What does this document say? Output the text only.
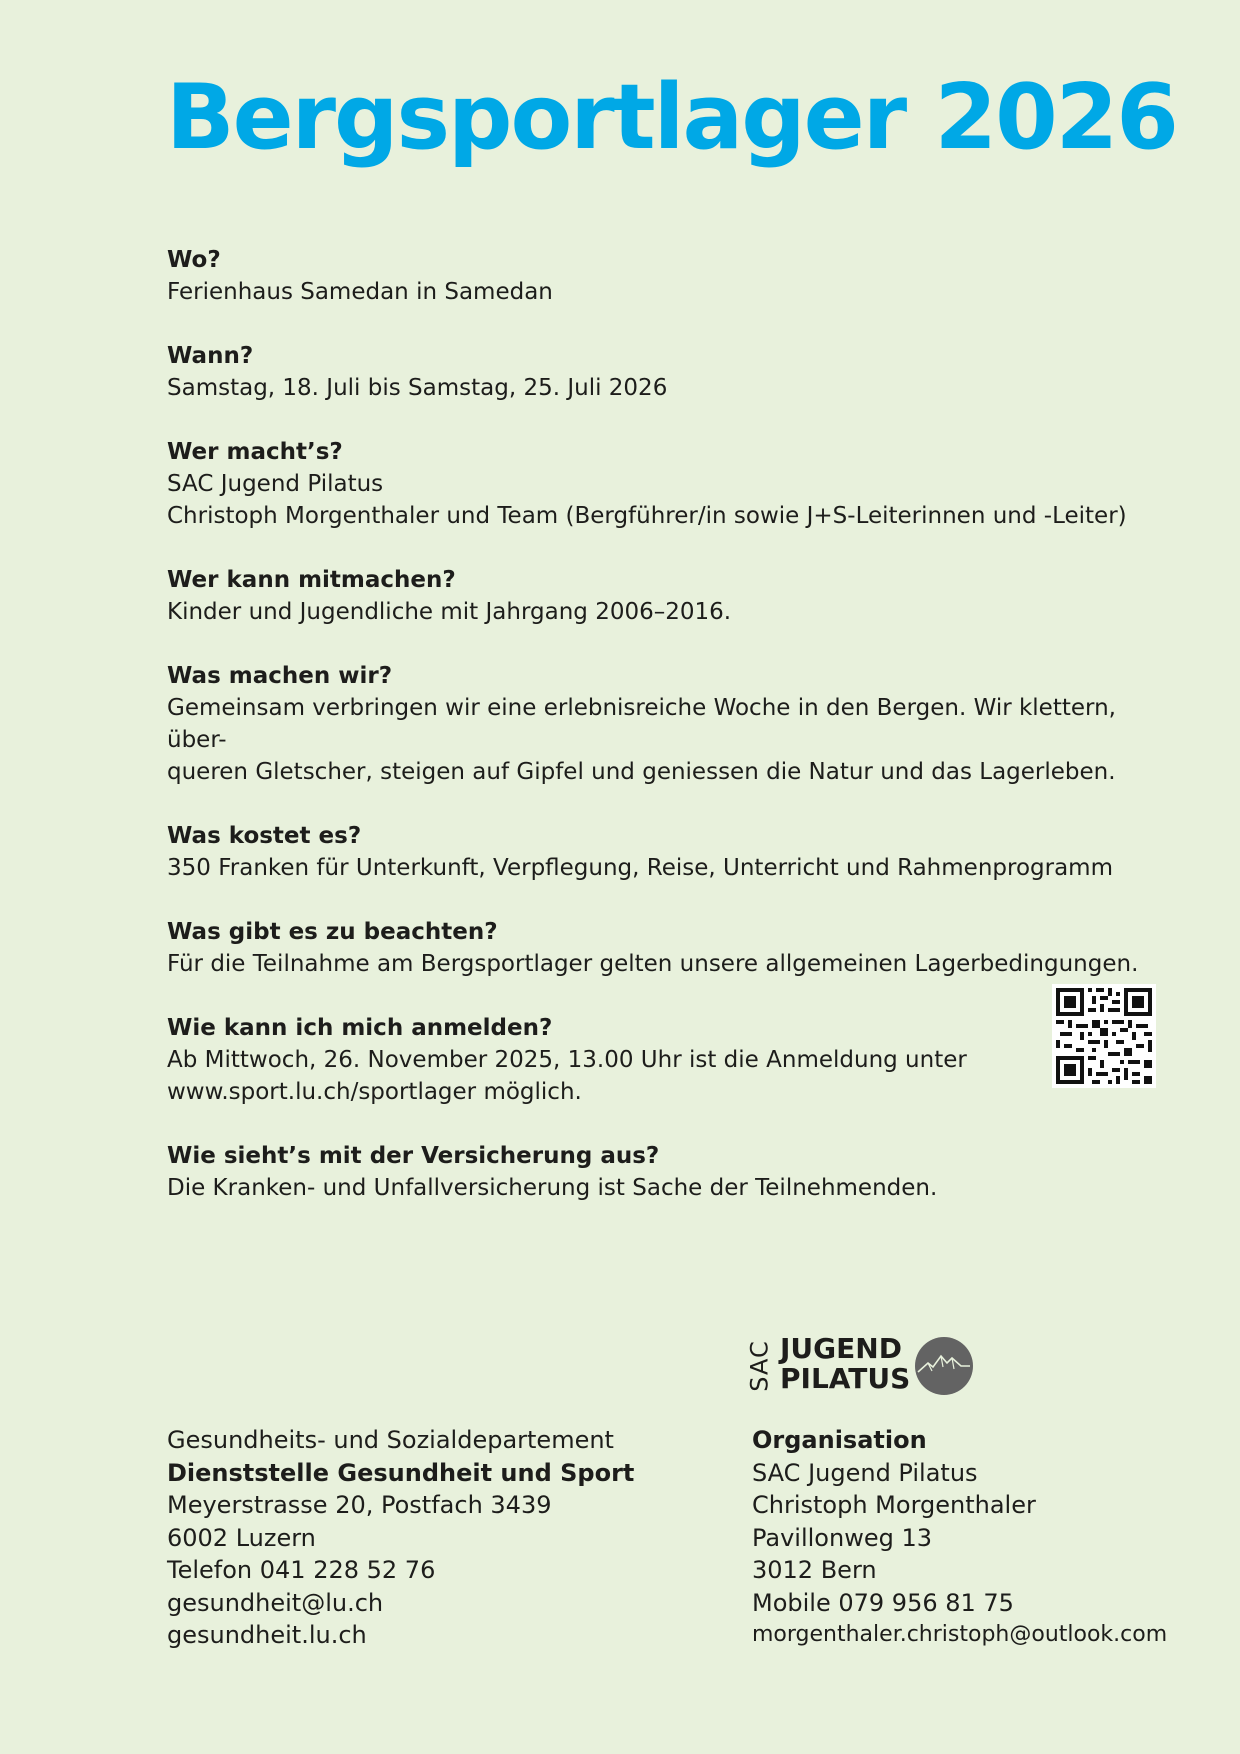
Bergsportlager 2026
Wo?
Ferienhaus Samedan in Samedan
Wann?
Samstag, 18. Juli bis Samstag, 25. Juli 2026
Wer macht’s?
SAC Jugend Pilatus
Christoph Morgenthaler und Team (Bergführer/in sowie J+S-Leiterinnen und -Leiter)
Wer kann mitmachen?
Kinder und Jugendliche mit Jahrgang 2006–2016.
Was machen wir?
Gemeinsam verbringen wir eine erlebnisreiche Woche in den Bergen. Wir klettern, über-
queren Gletscher, steigen auf Gipfel und geniessen die Natur und das Lagerleben.
Was kostet es?
350 Franken für Unterkunft, Verpflegung, Reise, Unterricht und Rahmenprogramm
Was gibt es zu beachten?
Für die Teilnahme am Bergsportlager gelten unsere allgemeinen Lagerbedingungen.
Wie kann ich mich anmelden?
Ab Mittwoch, 26. November 2025, 13.00 Uhr ist die Anmeldung unter
www.sport.lu.ch/sportlager möglich.
Wie sieht’s mit der Versicherung aus?
Die Kranken- und Unfallversicherung ist Sache der Teilnehmenden.
SAC JUGEND
PILATUS
Gesundheits- und Sozialdepartement
Dienststelle Gesundheit und Sport
Meyerstrasse 20, Postfach 3439
6002 Luzern
Telefon 041 228 52 76
gesundheit@lu.ch
gesundheit.lu.ch
Organisation
SAC Jugend Pilatus
Christoph Morgenthaler
Pavillonweg 13
3012 Bern
Mobile 079 956 81 75
morgenthaler.christoph@outlook.com
